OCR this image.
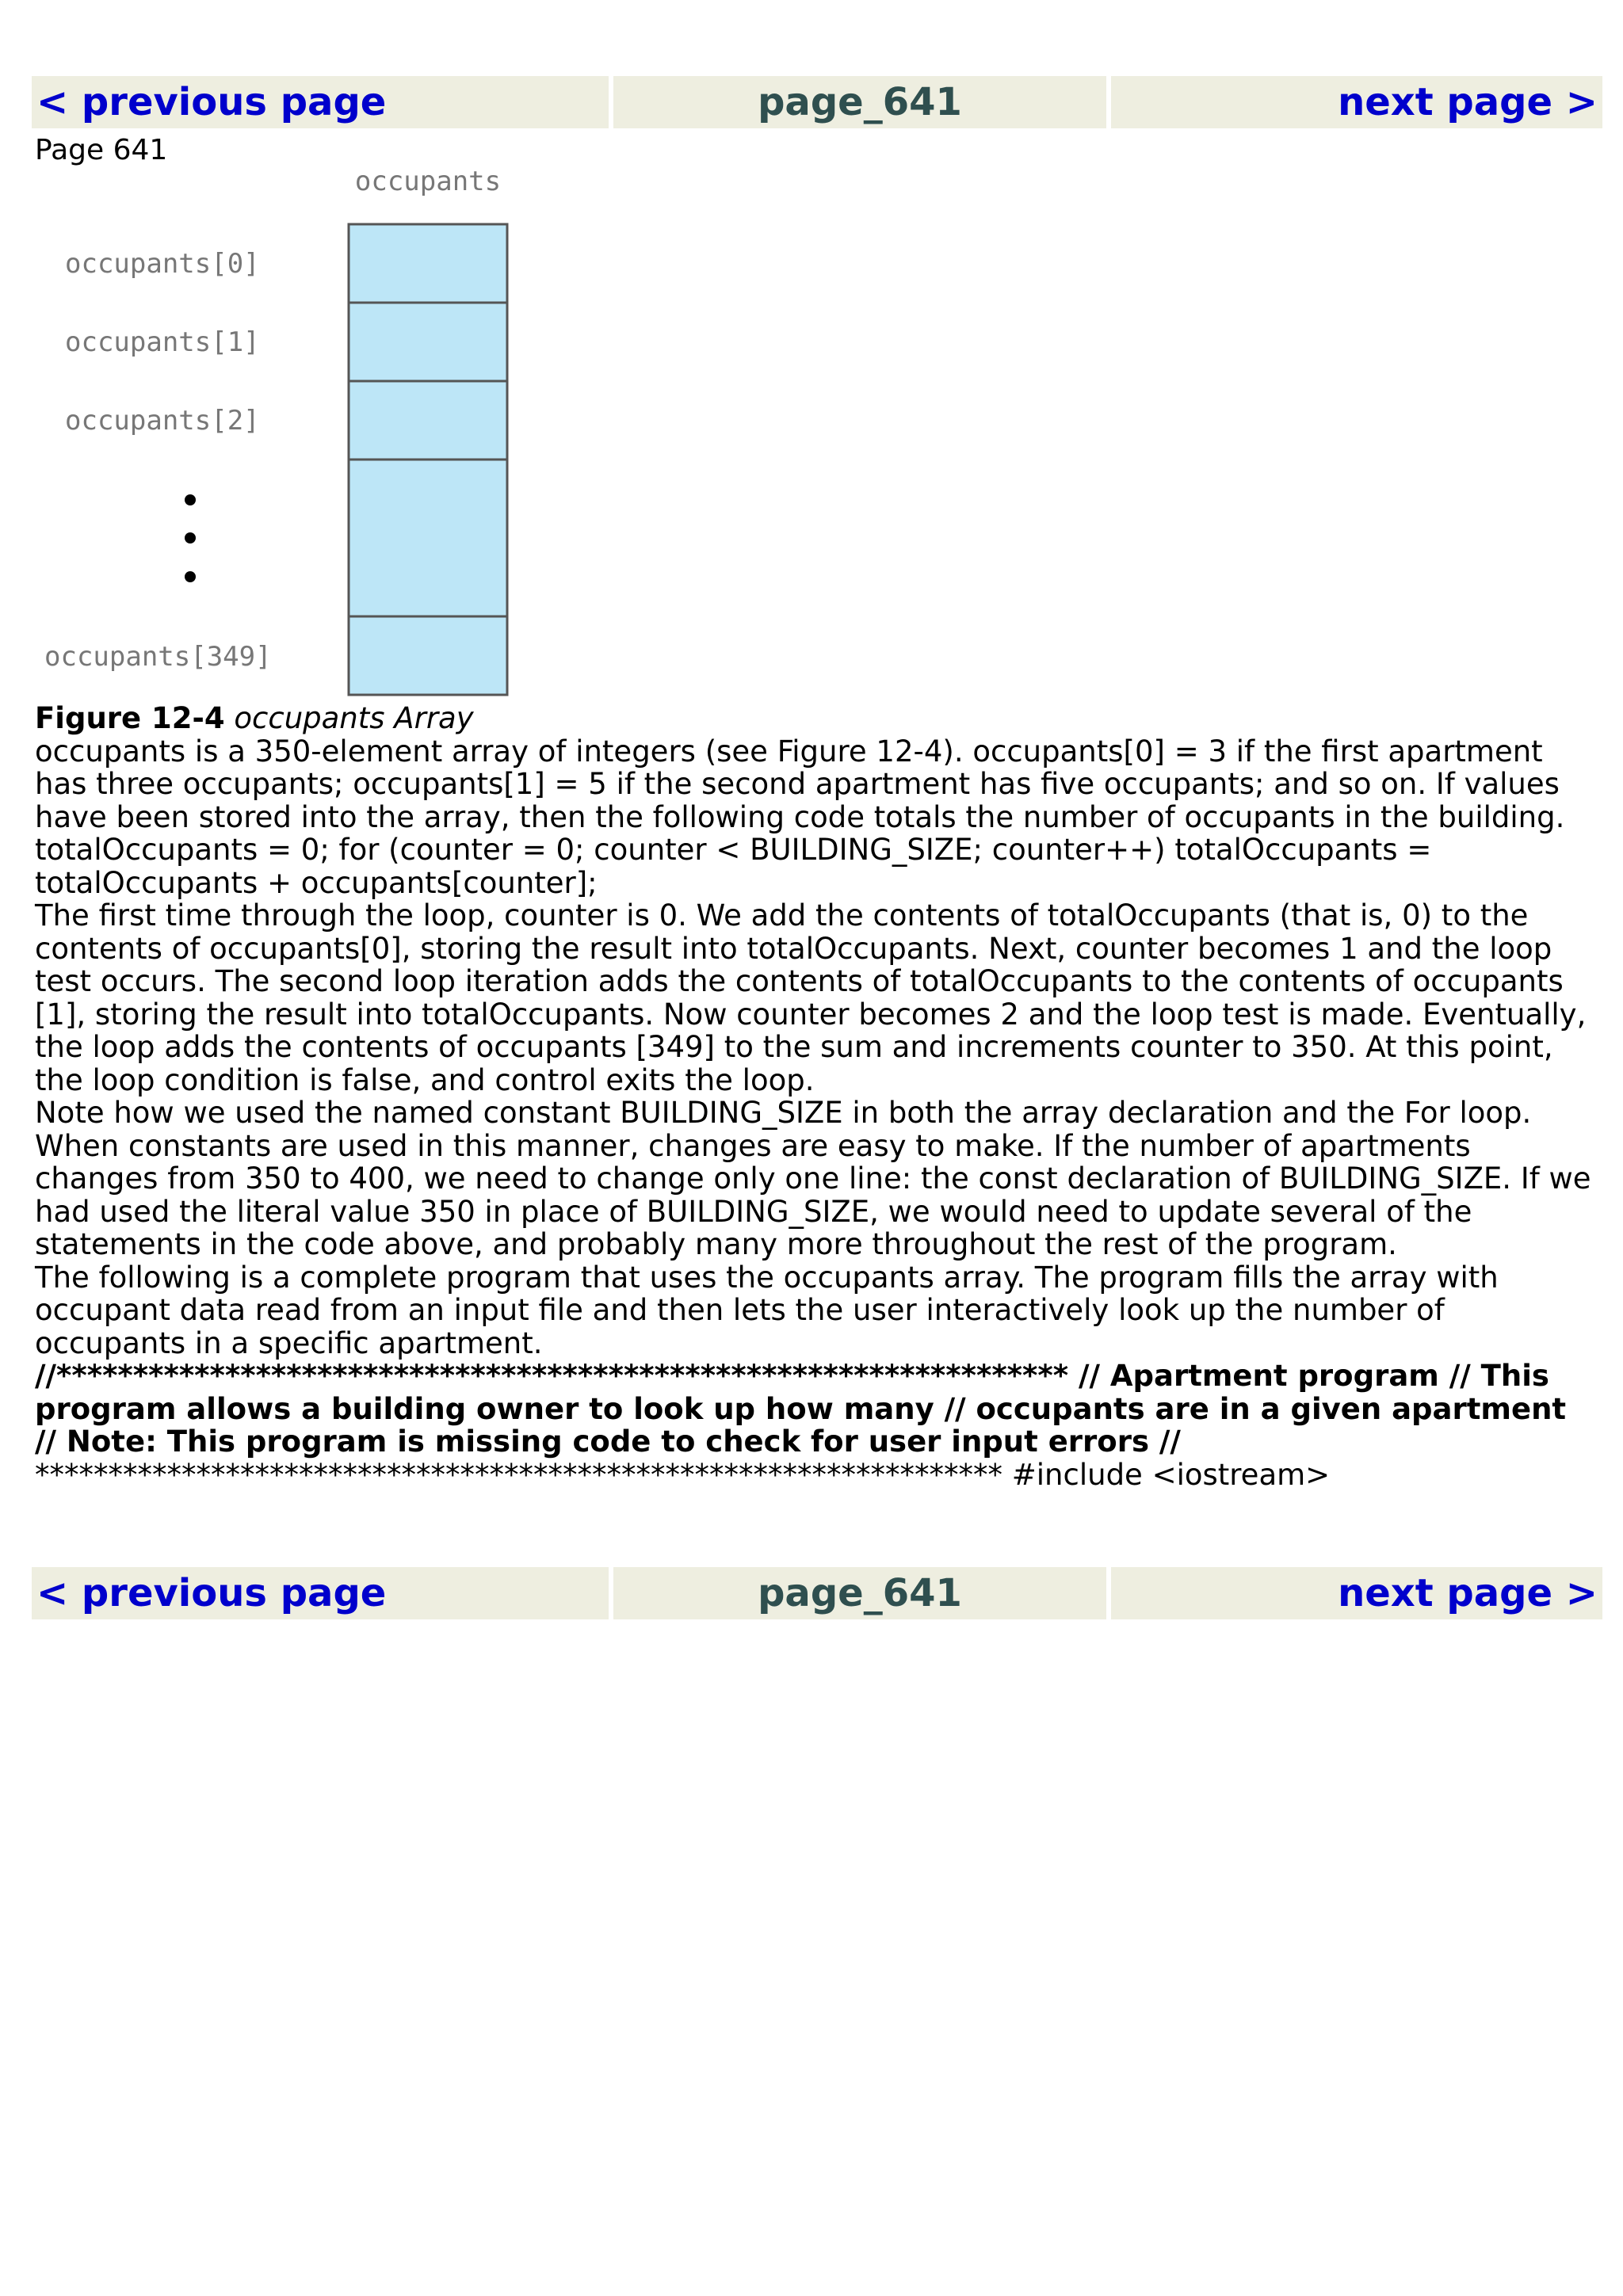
< previous page	page_641	next page >
Page 641
occupants
occupants[0]
occupants[1]
occupants[2]
occupants[349]

Figure 12-4 occupants Array

occupants is a 350-element array of integers (see Figure 12-4). occupants[0] = 3 if the first apartment has three occupants; occupants[1] = 5 if the second apartment has five occupants; and so on. If values have been stored into the array, then the following code totals the number of occupants in the building. totalOccupants = 0; for (counter = 0; counter < BUILDING_SIZE; counter++) totalOccupants = totalOccupants + occupants[counter];

The first time through the loop, counter is 0. We add the contents of totalOccupants (that is, 0) to the contents of occupants[0], storing the result into totalOccupants. Next, counter becomes 1 and the loop test occurs. The second loop iteration adds the contents of totalOccupants to the contents of occupants [1], storing the result into totalOccupants. Now counter becomes 2 and the loop test is made. Eventually, the loop adds the contents of occupants [349] to the sum and increments counter to 350. At this point, the loop condition is false, and control exits the loop.

Note how we used the named constant BUILDING_SIZE in both the array declaration and the For loop. When constants are used in this manner, changes are easy to make. If the number of apartments changes from 350 to 400, we need to change only one line: the const declaration of BUILDING_SIZE. If we had used the literal value 350 in place of BUILDING_SIZE, we would need to update several of the statements in the code above, and probably many more throughout the rest of the program.

The following is a complete program that uses the occupants array. The program fills the array with occupant data read from an input file and then lets the user interactively look up the number of occupants in a specific apartment.

//****************************************************************** // Apartment program // This program allows a building owner to look up how many // occupants are in a given apartment // Note: This program is missing code to check for user input errors // ****************************************************************** #include <iostream>

< previous page	page_641	next page >
